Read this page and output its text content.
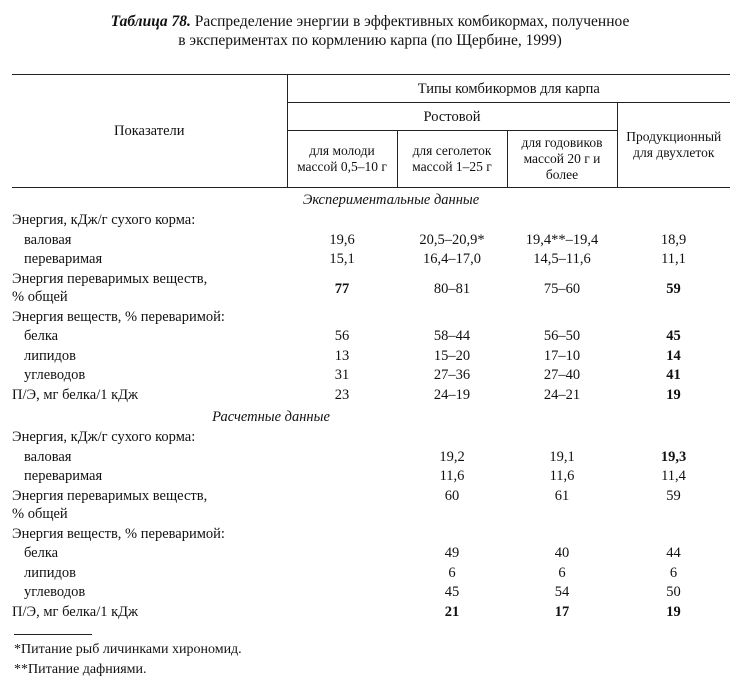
Таблица 78. Распределение энергии в эффективных комбикормах, полученное
в экспериментах по кормлению карпа (по Щербине, 1999)
Показатели	Типы комбикормов для карпа			
	Ростовой			Продукционный для двухлеток
	для молоди массой 0,5–10 г	для сеголеток массой 1–25 г	для годовиков массой 20 г и более	
Экспериментальные данные				
Энергия, кДж/г сухого корма:				
валовая	19,6	20,5–20,9*	19,4**–19,4	18,9
переваримая	15,1	16,4–17,0	14,5–11,6	11,1

Энергия переваримых веществ,
% общей	77	80–81	75–60	59
Энергия веществ, % переваримой:				
белка	56	58–44	56–50	45
липидов	13	15–20	17–10	14
углеводов	31	27–36	27–40	41
П/Э, мг белка/1 кДж	23	24–19	24–21	19
Расчетные данные				
Энергия, кДж/г сухого корма:				
валовая		19,2	19,1	19,3
переваримая		11,6	11,6	11,4

Энергия переваримых веществ,
% общей		60	61	59
Энергия веществ, % переваримой:				
белка		49	40	44
липидов		6	6	6
углеводов		45	54	50
П/Э, мг белка/1 кДж		21	17	19
*Питание рыб личинками хирономид.
**Питание дафниями.
